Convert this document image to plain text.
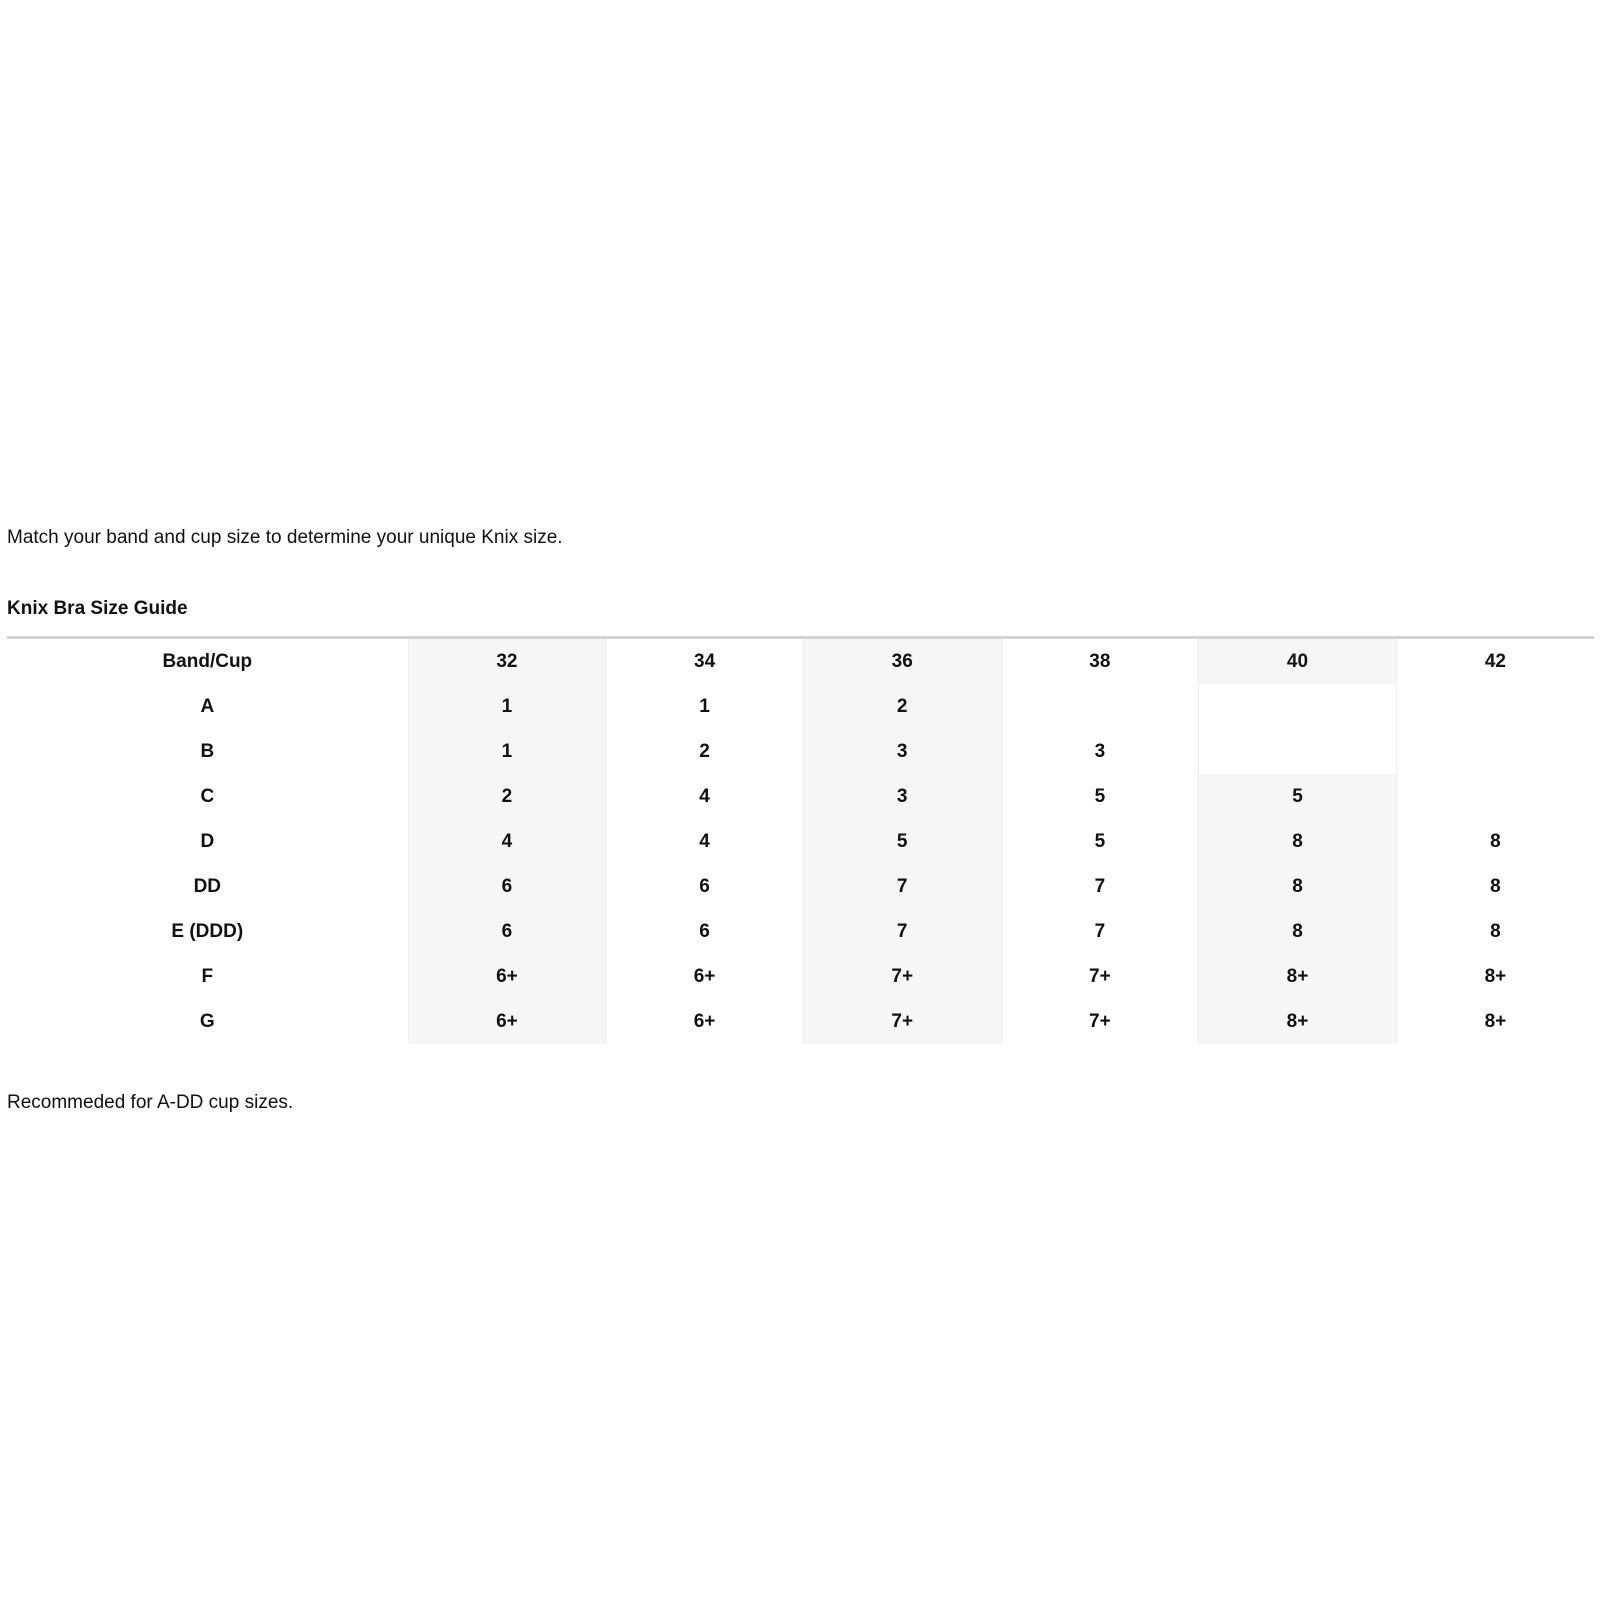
Match your band and cup size to determine your unique Knix size.

Knix Bra Size Guide
Band/Cup	32	34	36	38	40	42
A	1	1	2			
B	1	2	3	3		
C	2	4	3	5	5	
D	4	4	5	5	8	8
DD	6	6	7	7	8	8
E (DDD)	6	6	7	7	8	8
F	6+	6+	7+	7+	8+	8+
G	6+	6+	7+	7+	8+	8+

Recommeded for A-DD cup sizes.
